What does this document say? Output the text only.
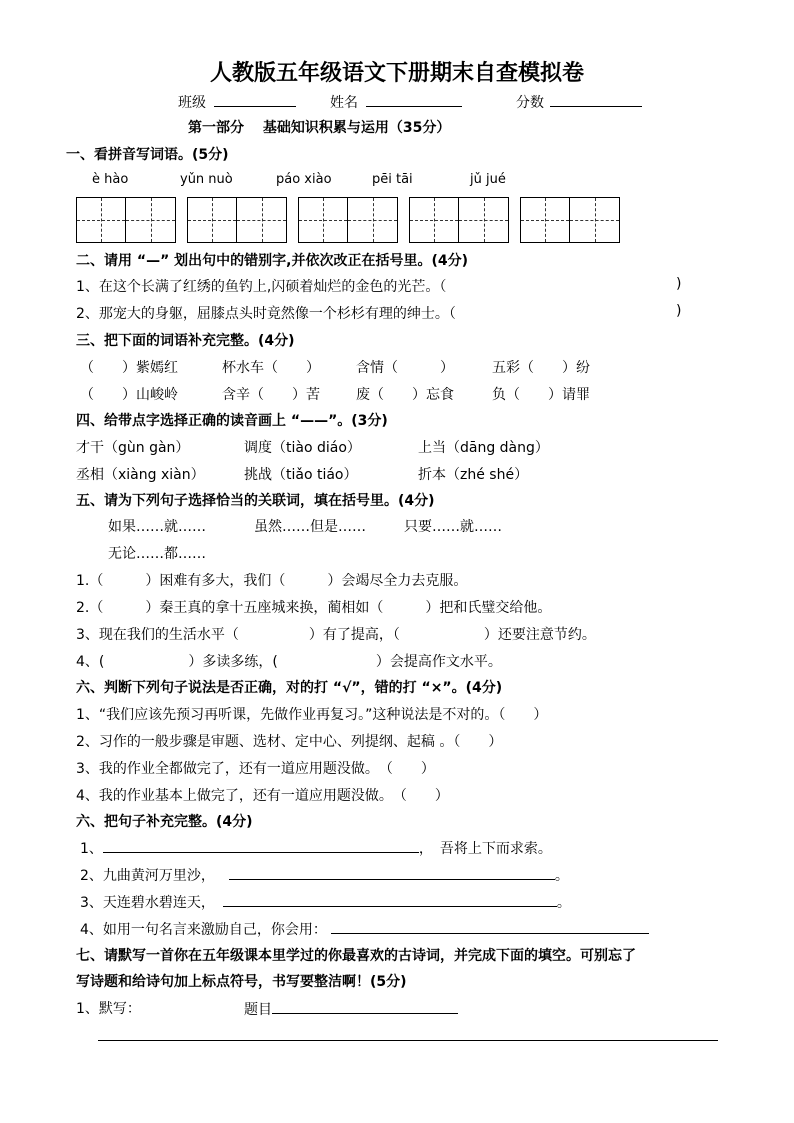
人教版五年级语文下册期末自查模拟卷
班级	姓名	分数
第一部分　 基础知识积累与运用（35分）
一、看拼音写词语。(5分)
è hào	yǔn nuò	páo xiào	pēi tāi	jǔ jué
二、请用 “—” 划出句中的错别字,并依次改正在括号里。(4分)
1、在这个长满了红绣的鱼钓上,闪硕着灿烂的金色的光芒。（	)
2、那宠大的身躯，屈膝点头时竟然像一个杉杉有理的绅士。（	)
三、把下面的词语补充完整。(4分)
（　　）紫嫣红	杯水车（　　）	含情（　　　）	五彩（　　）纷
（　　）山峻岭	含辛（　　）苦	废（　　）忘食	负（　　）请罪
四、给带点字选择正确的读音画上 “——”。(3分)
才干（gùn gàn）	调度（tiào diáo）	上当（dāng dàng）
丞相（xiàng xiàn）	挑战（tiǎo tiáo）	折本（zhé shé）
五、请为下列句子选择恰当的关联词，填在括号里。(4分)
如果……就……	虽然……但是……	只要……就……
无论……都……
1.（　　　）困难有多大，我们（　　　）会竭尽全力去克服。
2.（　　　）秦王真的拿十五座城来换，蔺相如（　　　）把和氏璧交给他。
3、现在我们的生活水平（　　　　　）有了提高，（　　　　　　）还要注意节约。
4、(　　　　　　）多读多练，(　　　　　　　）会提高作文水平。
六、判断下列句子说法是否正确，对的打 “√”，错的打 “×”。(4分)
1、“我们应该先预习再听课，先做作业再复习。”这种说法是不对的。（　　）
2、习作的一般步骤是审题、选材、定中心、列提纲、起稿 。（　　）
3、我的作业全都做完了，还有一道应用题没做。　（　　）
4、我的作业基本上做完了，还有一道应用题没做。　（　　）
六、把句子补充完整。(4分)
1、	，　吾将上下而求索。
2、九曲黄河万里沙，	。
3、天连碧水碧连天，	。
4、如用一句名言来激励自己，你会用：
七、请默写一首你在五年级课本里学过的你最喜欢的古诗词，并完成下面的填空。可别忘了
写诗题和给诗句加上标点符号，书写要整洁啊！(5分)
1、默写：	题目
